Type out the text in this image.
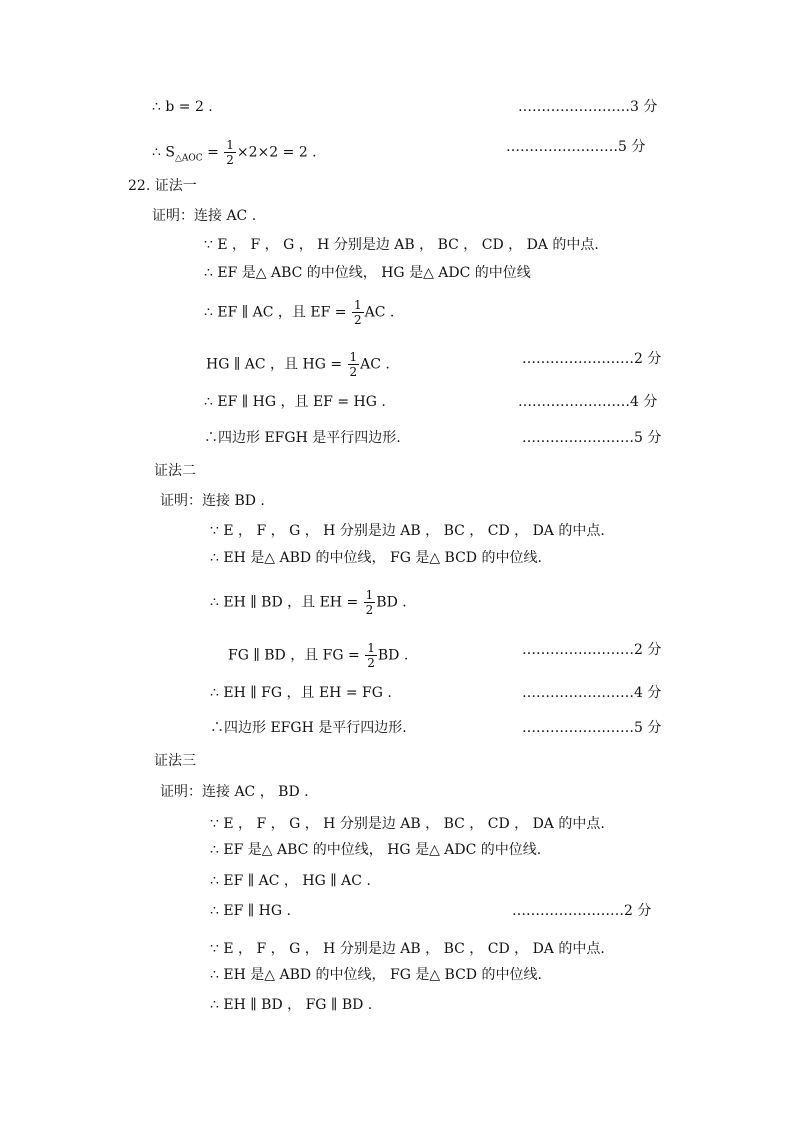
∴ b = 2 .	……………………3 分
∴ $S_{\triangle AOC} = \frac{1}{2} \times 2\times 2 = 2$ .	……………………5 分
22. 证法一
证明：连接 AC .
∵ E ， F ， G ， H 分别是边 AB ， BC ， CD ， DA 的中点.
∴ EF 是△ ABC 的中位线， HG 是△ ADC 的中位线
∴ EF ∥ AC ，且 EF = $\frac{1}{2}$ AC .
HG ∥ AC ，且 HG = $\frac{1}{2}$ AC .	……………………2 分
∴ EF ∥ HG ，且 EF = HG .	……………………4 分
∴四边形 EFGH 是平行四边形.	……………………5 分
证法二
证明：连接 BD .
∵ E ， F ， G ， H 分别是边 AB ， BC ， CD ， DA 的中点.
∴ EH 是△ ABD 的中位线， FG 是△ BCD 的中位线.
∴ EH ∥ BD ，且 EH = $\frac{1}{2}$ BD .
FG ∥ BD ，且 FG = $\frac{1}{2}$ BD .	……………………2 分
∴ EH ∥ FG ，且 EH = FG .	……………………4 分
∴四边形 EFGH 是平行四边形.	……………………5 分
证法三
证明：连接 AC ， BD .
∵ E ， F ， G ， H 分别是边 AB ， BC ， CD ， DA 的中点.
∴ EF 是△ ABC 的中位线， HG 是△ ADC 的中位线.
∴ EF ∥ AC ， HG ∥ AC .
∴ EF ∥ HG .	……………………2 分
∵ E ， F ， G ， H 分别是边 AB ， BC ， CD ， DA 的中点.
∴ EH 是△ ABD 的中位线， FG 是△ BCD 的中位线.
∴ EH ∥ BD ， FG ∥ BD .
